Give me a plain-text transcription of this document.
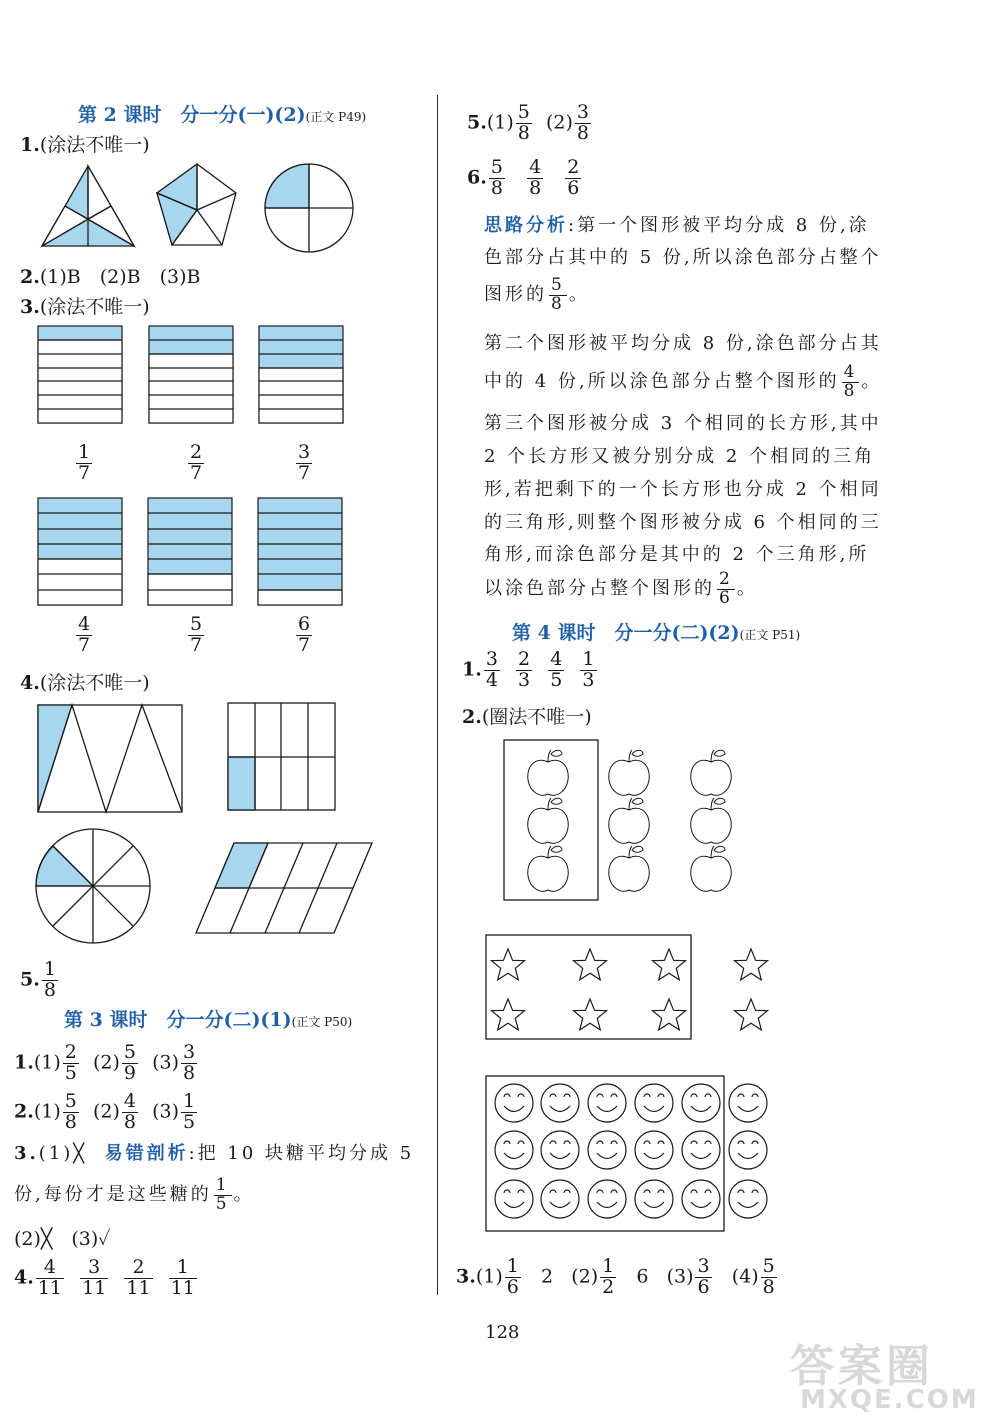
第 2 课时　分一分(一)(2)(正文 P49)
1.(涂法不唯一)
2.(1)B　(2)B　(3)B
3.(涂法不唯一)
$\frac{1}{7}$	$\frac{2}{7}$	$\frac{3}{7}$
$\frac{4}{7}$	$\frac{5}{7}$	$\frac{6}{7}$
4.(涂法不唯一)
5. $\frac{1}{8}$
第 3 课时　分一分(二)(1)(正文 P50)
$1.(1) \frac{2}{5} (2) \frac{5}{9} (3) \frac{3}{8}$
$2.(1) \frac{5}{8} (2) \frac{4}{8} (3) \frac{1}{5}$
3.(1)╳ 易错剖析:把 10 块糖平均分成 5
份,每份才是这些糖的 $\frac{1}{5}$ 。
(2)╳　(3)✓
4. $\frac{4}{11}$
$\frac{3}{11}$
$\frac{2}{11}$
$\frac{1}{11}$
$5.(1) \frac{5}{8} (2) \frac{3}{8}$
6. $\frac{5}{8}$
$\frac{4}{8}$
$\frac{2}{6}$
思路分析:第一个图形被平均分成 8 份,涂
色部分占其中的 5 份,所以涂色部分占整个
图形的 $\frac{5}{8}$ 。
第二个图形被平均分成 8 份,涂色部分占其
中的 4 份,所以涂色部分占整个图形的 $\frac{4}{8}$ 。
第三个图形被分成 3 个相同的长方形,其中
2 个长方形又被分别分成 2 个相同的三角
形,若把剩下的一个长方形也分成 2 个相同
的三角形,则整个图形被分成 6 个相同的三
角形,而涂色部分是其中的 2 个三角形,所
以涂色部分占整个图形的 $\frac{2}{6}$ 。
第 4 课时　分一分(二)(2)(正文 P51)
1. $\frac{3}{4}$
$\frac{2}{3}$
$\frac{4}{5}$
$\frac{1}{3}$
2.(圈法不唯一)
$3.(1) \frac{1}{6} 2$ $(2) \frac{1}{2} 6$ $(3) \frac{3}{6} (4) \frac{5}{8}$
128
答案圈
MXQE.COM
